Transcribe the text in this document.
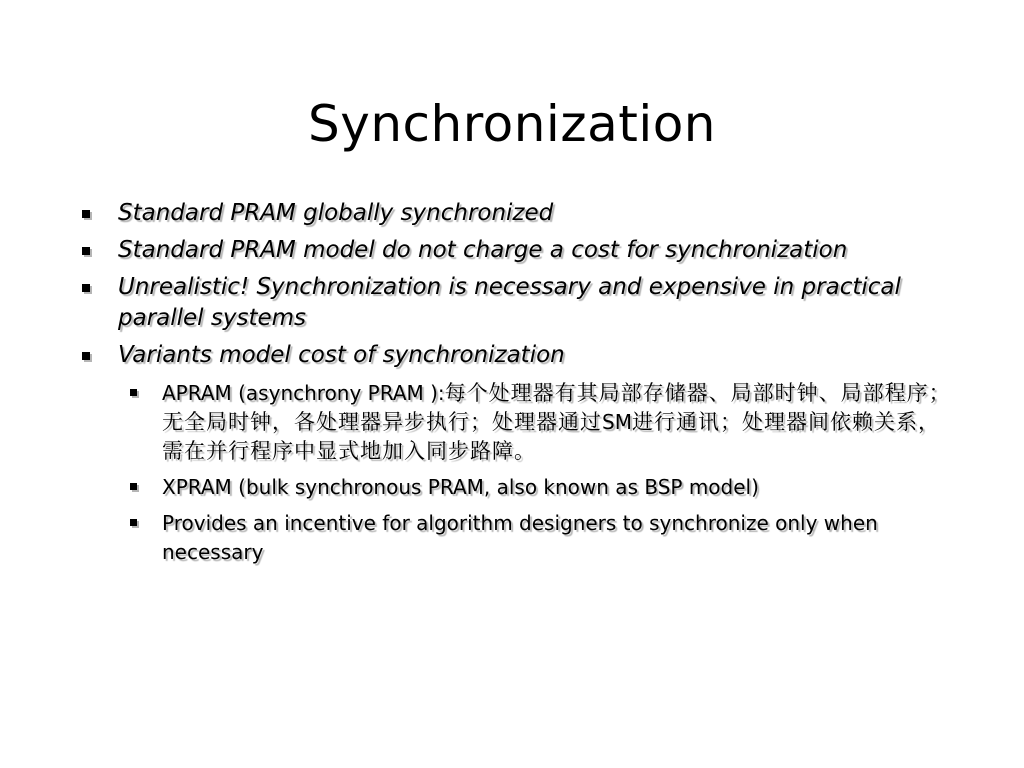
Synchronization
Standard PRAM globally synchronized
Standard PRAM model do not charge a cost for synchronization
Unrealistic! Synchronization is necessary and expensive in practical parallel systems
Variants model cost of synchronization
APRAM (asynchrony PRAM ):每个处理器有其局部存储器、局部时钟、局部程序；无全局时钟，各处理器异步执行；处理器通过SM进行通讯；处理器间依赖关系，需在并行程序中显式地加入同步路障。
XPRAM (bulk synchronous PRAM, also known as BSP model)
Provides an incentive for algorithm designers to synchronize only when necessary
